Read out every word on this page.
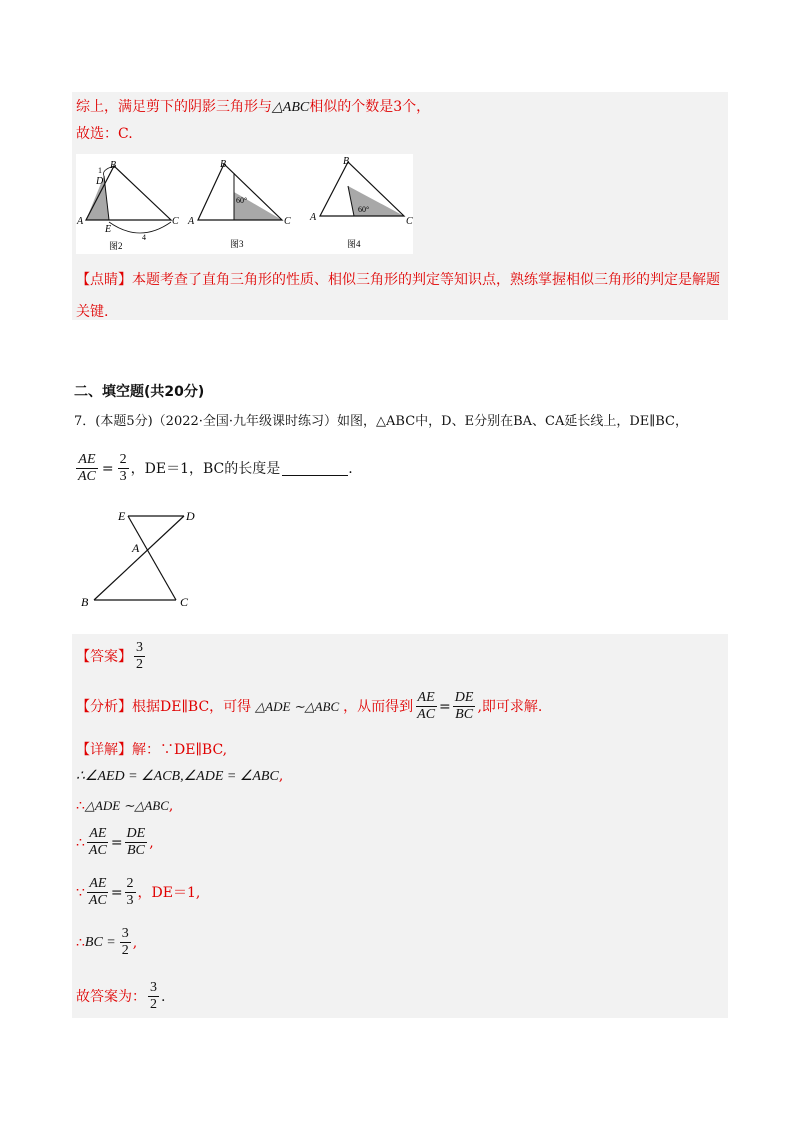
综上，满足剪下的阴影三角形与△ABC相似的个数是3个，
故选：C.
B
D
1
A
E
C
4
图2
B
A	C
60°
图3
B
A	C
60°
图4
【点睛】本题考查了直角三角形的性质、相似三角形的判定等知识点，熟练掌握相似三角形的判定是解题
关键.
二、填空题(共20分)
7．(本题5分)（2022·全国·九年级课时练习）如图，△ABC中，D、E分别在BA、CA延长线上，DE∥BC，
$\frac{AE}{AC} = \frac{2}{3}$ ，DE＝1，BC的长度是	.
E	D
A
B	C
【答案】 $\frac{3}{2}$
【分析】 根据DE∥BC，可得 △ADE ∼△ABC ，从而得到 $\frac{AE}{AC} = \frac{DE}{BC}$ ,即可求解.
【详解】解：∵DE∥BC,
∴∠AED = ∠ACB,∠ADE = ∠ABC,
∴△ADE ∼△ABC,
∴ $\frac{AE}{AC} = \frac{DE}{BC}$ ,
∵ $\frac{AE}{AC} = \frac{2}{3}$ ，DE＝1,
∴ BC = $\frac{3}{2}$ ,
故答案为： $\frac{3}{2}$ .
